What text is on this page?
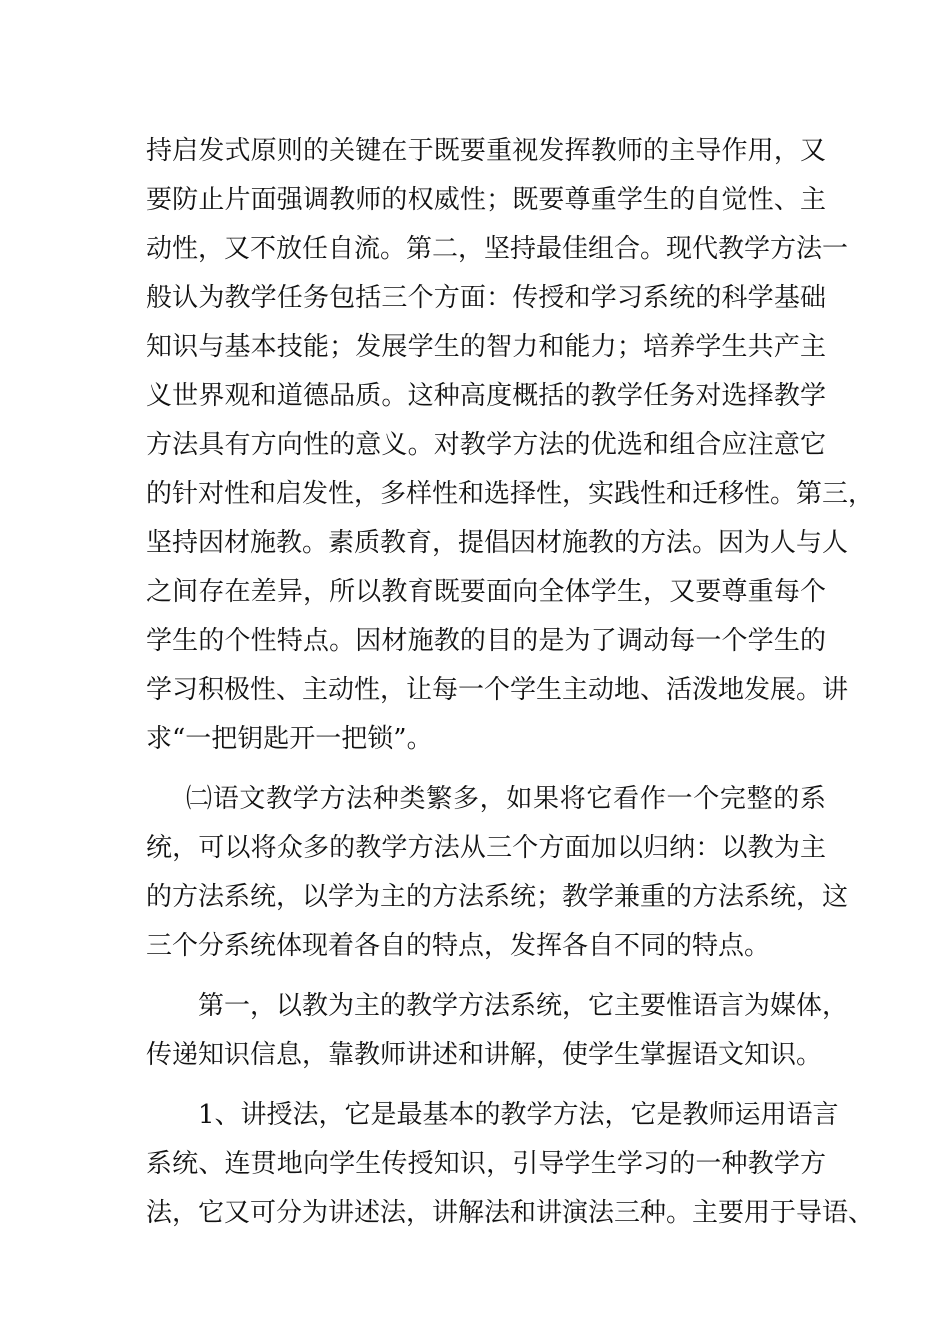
持启发式原则的关键在于既要重视发挥教师的主导作用，又
要防止片面强调教师的权威性；既要尊重学生的自觉性、主
动性，又不放任自流。第二，坚持最佳组合。现代教学方法一
般认为教学任务包括三个方面：传授和学习系统的科学基础
知识与基本技能；发展学生的智力和能力；培养学生共产主
义世界观和道德品质。这种高度概括的教学任务对选择教学
方法具有方向性的意义。对教学方法的优选和组合应注意它
的针对性和启发性，多样性和选择性，实践性和迁移性。第三，
坚持因材施教。素质教育，提倡因材施教的方法。因为人与人
之间存在差异，所以教育既要面向全体学生，又要尊重每个
学生的个性特点。因材施教的目的是为了调动每一个学生的
学习积极性、主动性，让每一个学生主动地、活泼地发展。讲
求“一把钥匙开一把锁”。
㈡语文教学方法种类繁多，如果将它看作一个完整的系
统，可以将众多的教学方法从三个方面加以归纳：以教为主
的方法系统，以学为主的方法系统；教学兼重的方法系统，这
三个分系统体现着各自的特点，发挥各自不同的特点。
第一，以教为主的教学方法系统，它主要惟语言为媒体，
传递知识信息，靠教师讲述和讲解，使学生掌握语文知识。
1、讲授法，它是最基本的教学方法，它是教师运用语言
系统、连贯地向学生传授知识，引导学生学习的一种教学方
法，它又可分为讲述法，讲解法和讲演法三种。主要用于导语、
